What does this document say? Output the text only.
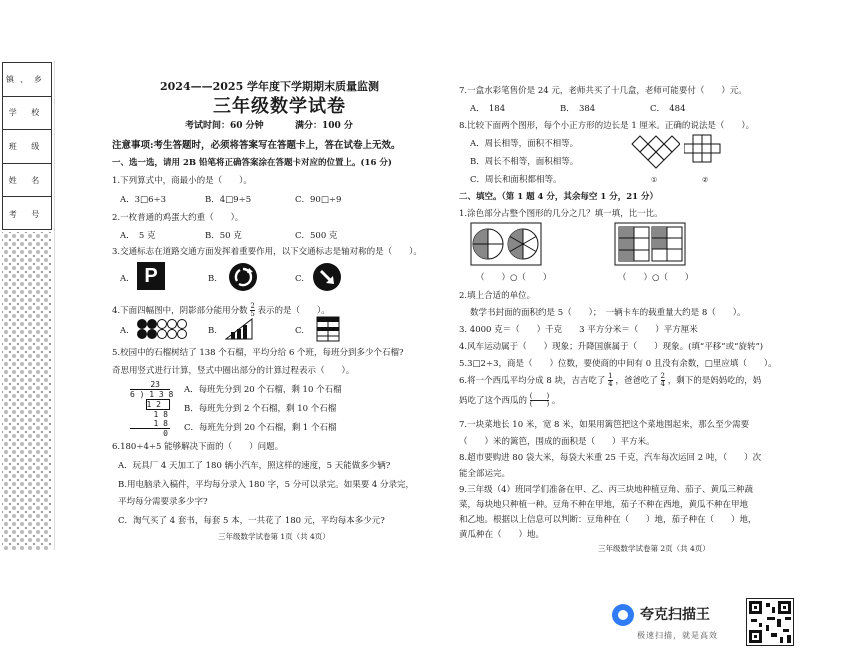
镇、乡
学 校
班 级
姓 名
考 号
2024——2025 学年度下学期期末质量监测
三年级数学试卷
考试时间：60 分钟	满分：100 分
注意事项:考生答题时，必须将答案写在答题卡上，答在试卷上无效。
一、选一选，请用 2B 铅笔将正确答案涂在答题卡对应的位置上。(16 分)
1.下列算式中，商最小的是（　　）。
A．3□6÷3	B．4□9÷5	C．90□÷9
2.一枚普通的鸡蛋大约重（　　）。
A．　5 克	B．50 克	C．500 克
3.交通标志在道路交通方面发挥着重要作用，以下交通标志是轴对称的是（　　）。
A. P	B.	C.
4.下面四幅图中，阴影部分能用分数 $\frac{2}{5}$ 表示的是（　　）。
A.	B.	C.
5.校园中的石榴树结了 138 个石榴，平均分给 6 个班，每班分到多少个石榴?
奇思用竖式进行计算，竖式中圈出部分的计算过程表示（　　）。
23
6 ) 1 3 8
1 2
1 8
1 8
0
A．每班先分到 20 个石榴，剩 10 个石榴
B．每班先分到 2 个石榴，剩 10 个石榴
C．每班先分到 20 个石榴，剩 1 个石榴
6.180÷4÷5 能够解决下面的（　　）问题。
A．玩具厂 4 天加工了 180 辆小汽车，照这样的速度，5 天能做多少辆?
B.用电脑录入稿件，平均每分录入 180 字，5 分可以录完。如果要 4 分录完，
平均每分需要录多少字?
C．淘气买了 4 套书，每套 5 本，一共花了 180 元，平均每本多少元?
三年级数学试卷第 1页（共 4页）
7.一盒水彩笔售价是 24 元，老师共买了十几盒，老师可能要付（　　）元。
A．　184	B．　384	C．　484
8.比较下面两个图形，每个小正方形的边长是 1 厘米。正确的说法是（　　）。
A．周长相等，面积不相等。
B．周长不相等，面积相等。
C．周长和面积都相等。	①	②
二、填空。（第 1 题 4 分，其余每空 1 分，21 分）
1.涂色部分占整个图形的几分之几？填一填，比一比。
（　　）○（　　）	（　　）○（　　）
2.填上合适的单位。
数学书封面的面积约是 5（　　）；　一辆卡车的载重量大约是 8（　　）。
3. 4000 克＝（　　）千克　　3 平方分米＝（　　）平方厘米
4.风车运动属于（　　）现象；升降国旗属于（　　）现象。(填“平移”或“旋转”)
5.3□2÷3，商是（　　）位数，要使商的中间有 0 且没有余数，□里应填（　　）。
6.将一个西瓜平均分成 8 块，吉吉吃了 $\frac{1}{4}$ ，爸爸吃了 $\frac{2}{4}$ ，剩下的是妈妈吃的，妈
妈吃了这个西瓜的 $\frac{( )}{( )}$ 。
7.一块菜地长 10 米，宽 8 米，如果用篱笆把这个菜地围起来，那么至少需要
（　　）米的篱笆，围成的面积是（　　）平方米。
8.超市要购进 80 袋大米，每袋大米重 25 千克，汽车每次运回 2 吨，（　　）次
能全部运完。
9.三年级（4）班同学们准备在甲、乙、丙三块地种植豆角、茄子、黄瓜三种蔬
菜，每块地只种植一种。豆角不种在甲地，茄子不种在西地，黄瓜不种在甲地
和乙地。根据以上信息可以判断：豆角种在（　　）地，茄子种在（　　）地，
黄瓜种在（　　）地。
三年级数学试卷第 2页（共 4页）
夸克扫描王
极速扫描，就是高效
